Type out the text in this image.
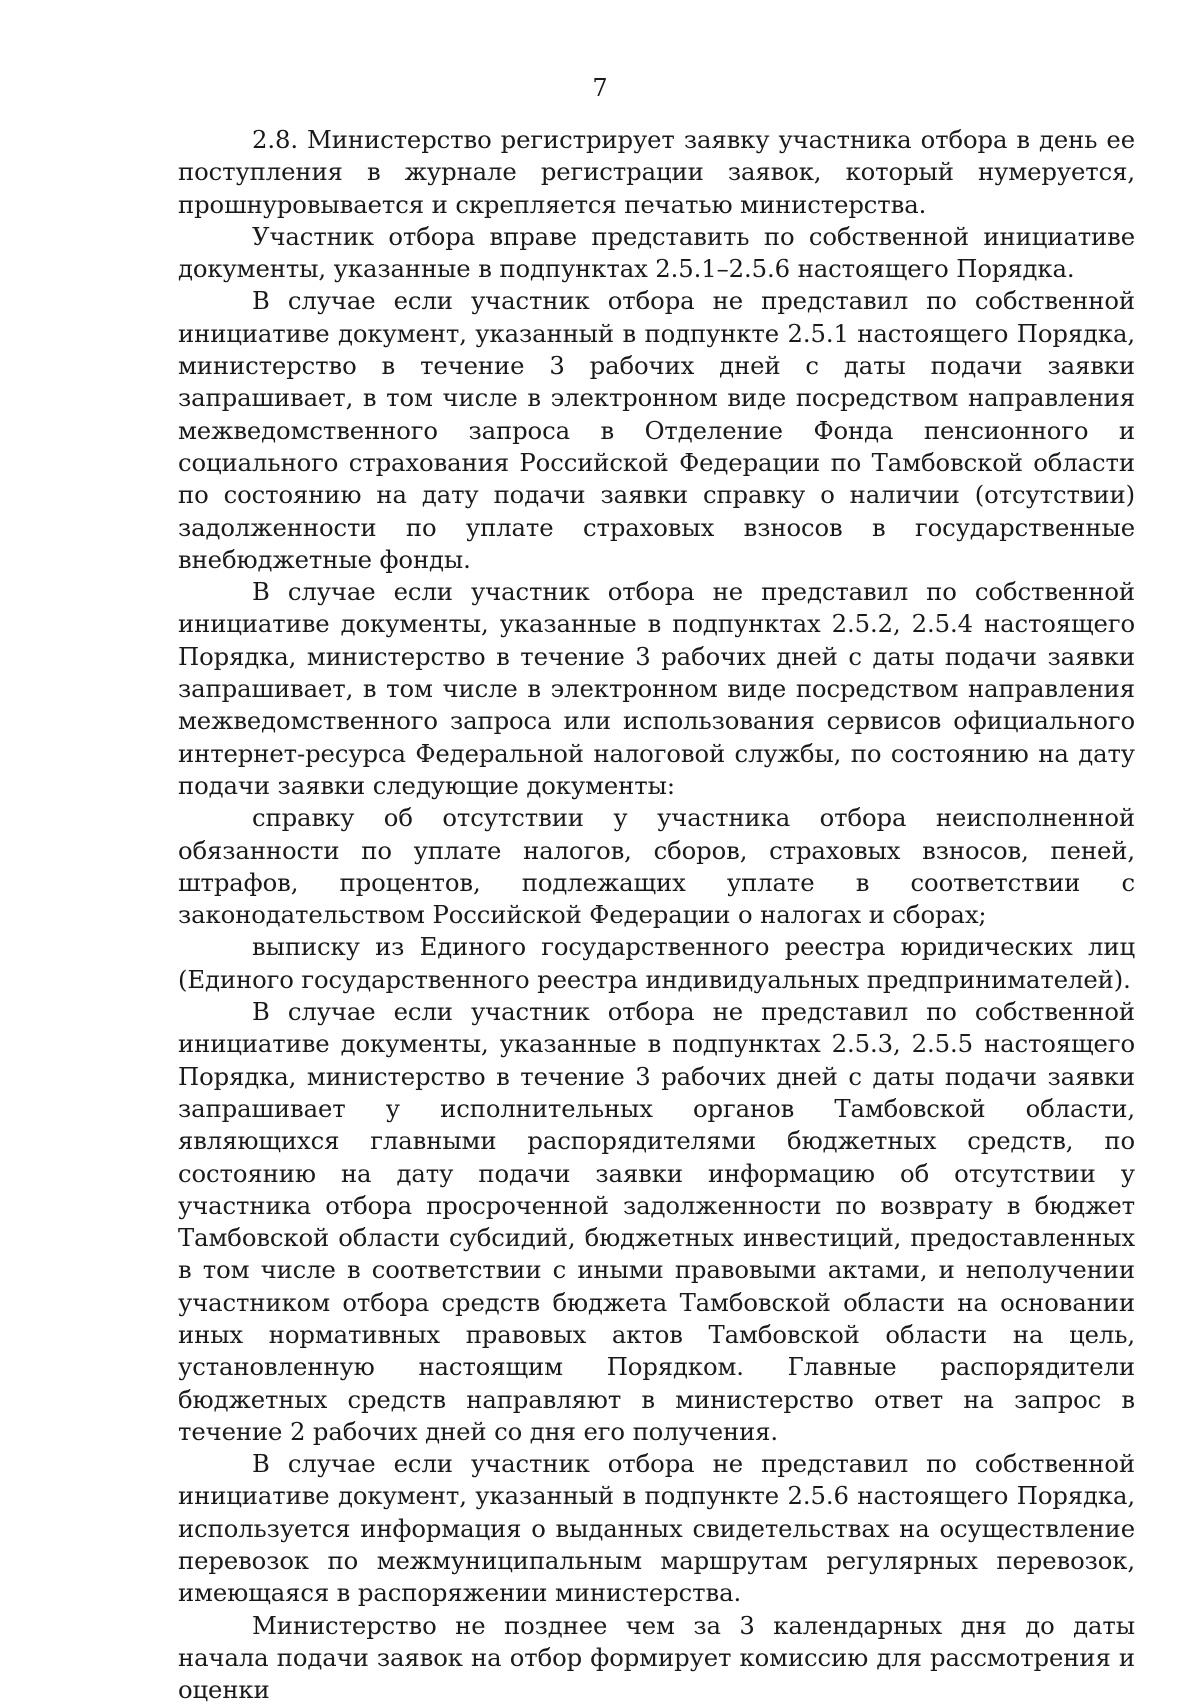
7

2.8. Министерство регистрирует заявку участника отбора в день ее поступления в журнале регистрации заявок, который нумеруется, прошнуровывается и скрепляется печатью министерства.

Участник отбора вправе представить по собственной инициативе документы, указанные в подпунктах 2.5.1–2.5.6 настоящего Порядка.

В случае если участник отбора не представил по собственной инициативе документ, указанный в подпункте 2.5.1 настоящего Порядка, министерство в течение 3 рабочих дней с даты подачи заявки запрашивает, в том числе в электронном виде посредством направления межведомственного запроса в Отделение Фонда пенсионного и социального страхования Российской Федерации по Тамбовской области по состоянию на дату подачи заявки справку о наличии (отсутствии) задолженности по уплате страховых взносов в государственные внебюджетные фонды.

В случае если участник отбора не представил по собственной инициативе документы, указанные в подпунктах 2.5.2, 2.5.4 настоящего Порядка, министерство в течение 3 рабочих дней с даты подачи заявки запрашивает, в том числе в электронном виде посредством направления межведомственного запроса или использования сервисов официального интернет-ресурса Федеральной налоговой службы, по состоянию на дату подачи заявки следующие документы:

справку об отсутствии у участника отбора неисполненной обязанности по уплате налогов, сборов, страховых взносов, пеней, штрафов, процентов, подлежащих уплате в соответствии с законодательством Российской Федерации о налогах и сборах;

выписку из Единого государственного реестра юридических лиц (Единого государственного реестра индивидуальных предпринимателей).

В случае если участник отбора не представил по собственной инициативе документы, указанные в подпунктах 2.5.3, 2.5.5 настоящего Порядка, министерство в течение 3 рабочих дней с даты подачи заявки запрашивает у исполнительных органов Тамбовской области, являющихся главными распорядителями бюджетных средств, по состоянию на дату подачи заявки информацию об отсутствии у участника отбора просроченной задолженности по возврату в бюджет Тамбовской области субсидий, бюджетных инвестиций, предоставленных в том числе в соответствии с иными правовыми актами, и неполучении участником отбора средств бюджета Тамбовской области на основании иных нормативных правовых актов Тамбовской области на цель, установленную настоящим Порядком. Главные распорядители бюджетных средств направляют в министерство ответ на запрос в течение 2 рабочих дней со дня его получения.

В случае если участник отбора не представил по собственной инициативе документ, указанный в подпункте 2.5.6 настоящего Порядка, используется информация о выданных свидетельствах на осуществление перевозок по межмуниципальным маршрутам регулярных перевозок, имеющаяся в распоряжении министерства.

Министерство не позднее чем за 3 календарных дня до даты начала подачи заявок на отбор формирует комиссию для рассмотрения и оценки
